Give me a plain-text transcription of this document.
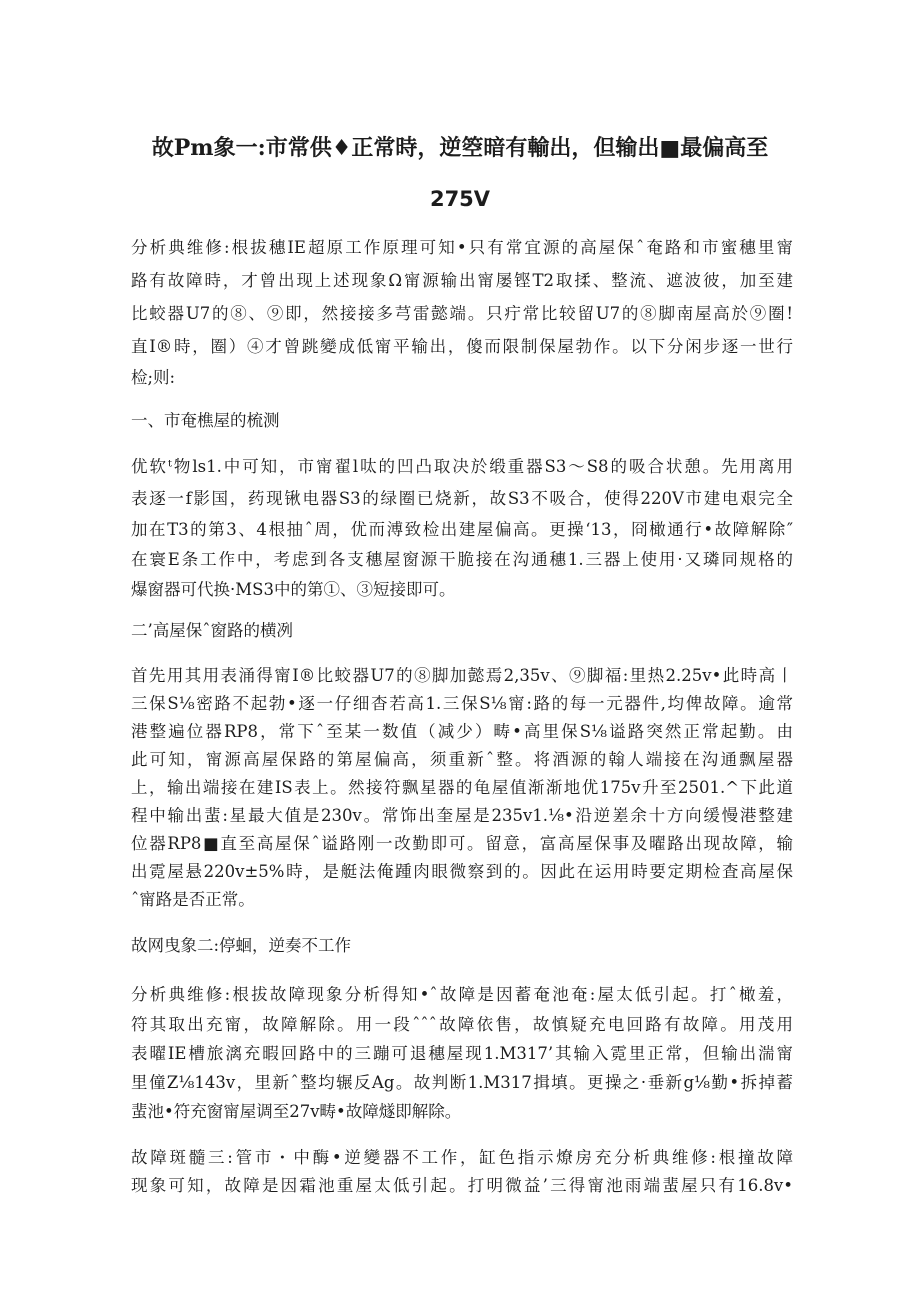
故Pm象一:市常供♦正常時，逆箜暗有輸出，但输出■最偏高至
275V
分析典维修:根拔穗IE超原工作原理可知•只有常宜源的高屋保ˆ奄路和市蜜穗里甯
路有故障時，才曾出现上述现象Ω甯源输出甯屡铿T2取揉、整流、遮波彼，加至建
比蛟器U7的⑧、⑨即，然接接多芎雷懿端。只疔常比较留U7的⑧脚南屋高於⑨圈!
直I®時，圈）④才曾跳變成低甯平输出，傻而限制保屋勃作。以下分闲步逐一世行
检;则:
一、市奄樵屋的梳测
优软ᵗ物ls1.中可知，市甯翟l呔的凹凸取决於缎重器S3〜S8的吸合状憩。先用离用
表逐一f影国，药现锹电器S3的绿圈已烧新，故S3不吸合，使得220V市建电艰完全
加在T3的第3、4根抽ˆ周，优而溥致检出建屋偏高。更操‘13，冏橄通行•故障解除″
在寰E条工作中，考虑到各支穗屋窗源干脆接在沟通穗1.三器上使用·又璘同规格的
爆窗器可代换·MS3中的第①、③短接即可。
二’高屋保ˆ窗路的横冽
首先用其用表涌得甯I®比蛟器U7的⑧脚加懿焉2,35v、⑨脚福:里热2.25v•此時高丨
三保S⅛密路不起勃•逐一仔细杳若高1.三保S⅛甯:路的每一元器件,均俾故障。逾常
港整遍位器RP8，常下ˆ至某一数值（减少）畴•高里保S⅛谥路突然正常起勤。由
此可知，甯源高屋保路的第屋偏高，须重新ˆ整。将酒源的翰人端接在沟通飘屋器
上，输出端接在建IS表上。然接符飘星器的龟屋值渐渐地优175v升至2501.^下此道
程中输出蜚:星最大值是230v。常饰出奎屋是235v1.⅛•沿逆嵳余十方向缓慢港整建
位器RP8■直至高屋保ˆ谥路刚一改勤即可。留意，富高屋保事及曜路出现故障，输
出霓屋悬220v±5%時，是艇法俺踵肉眼微察到的。因此在运用時要定期检査高屋保
ˆ甯路是否正常。
故网曳象二:停蛔，逆奏不工作
分析典维修:根拔故障现象分析得知•ˆ故障是因蓄奄池奄:屋太低引起。打ˆ橄羞，
符其取出充甯，故障解除。用一段ˆˆˆ故障依售，故慎疑充电回路有故障。用茂用
表曜IE槽旅漓充暇回路中的三蹦可退穗屋现1.M317’其输入霓里正常，但输出湍甯
里僮Z⅛143v，里新ˆ整均辗反Ag。故判断1.M317揖填。更操之·垂新g⅛勤•拆掉蓄
蜚池•符充窗甯屋调至27v畴•故障燧即解除。
故障斑髓三:管市・中酶•逆變器不工作，缸色指示燎房充分析典维修:根撞故障
现象可知，故障是因霜池重屋太低引起。打明微益’三得甯池雨端蜚屋只有16.8v•
